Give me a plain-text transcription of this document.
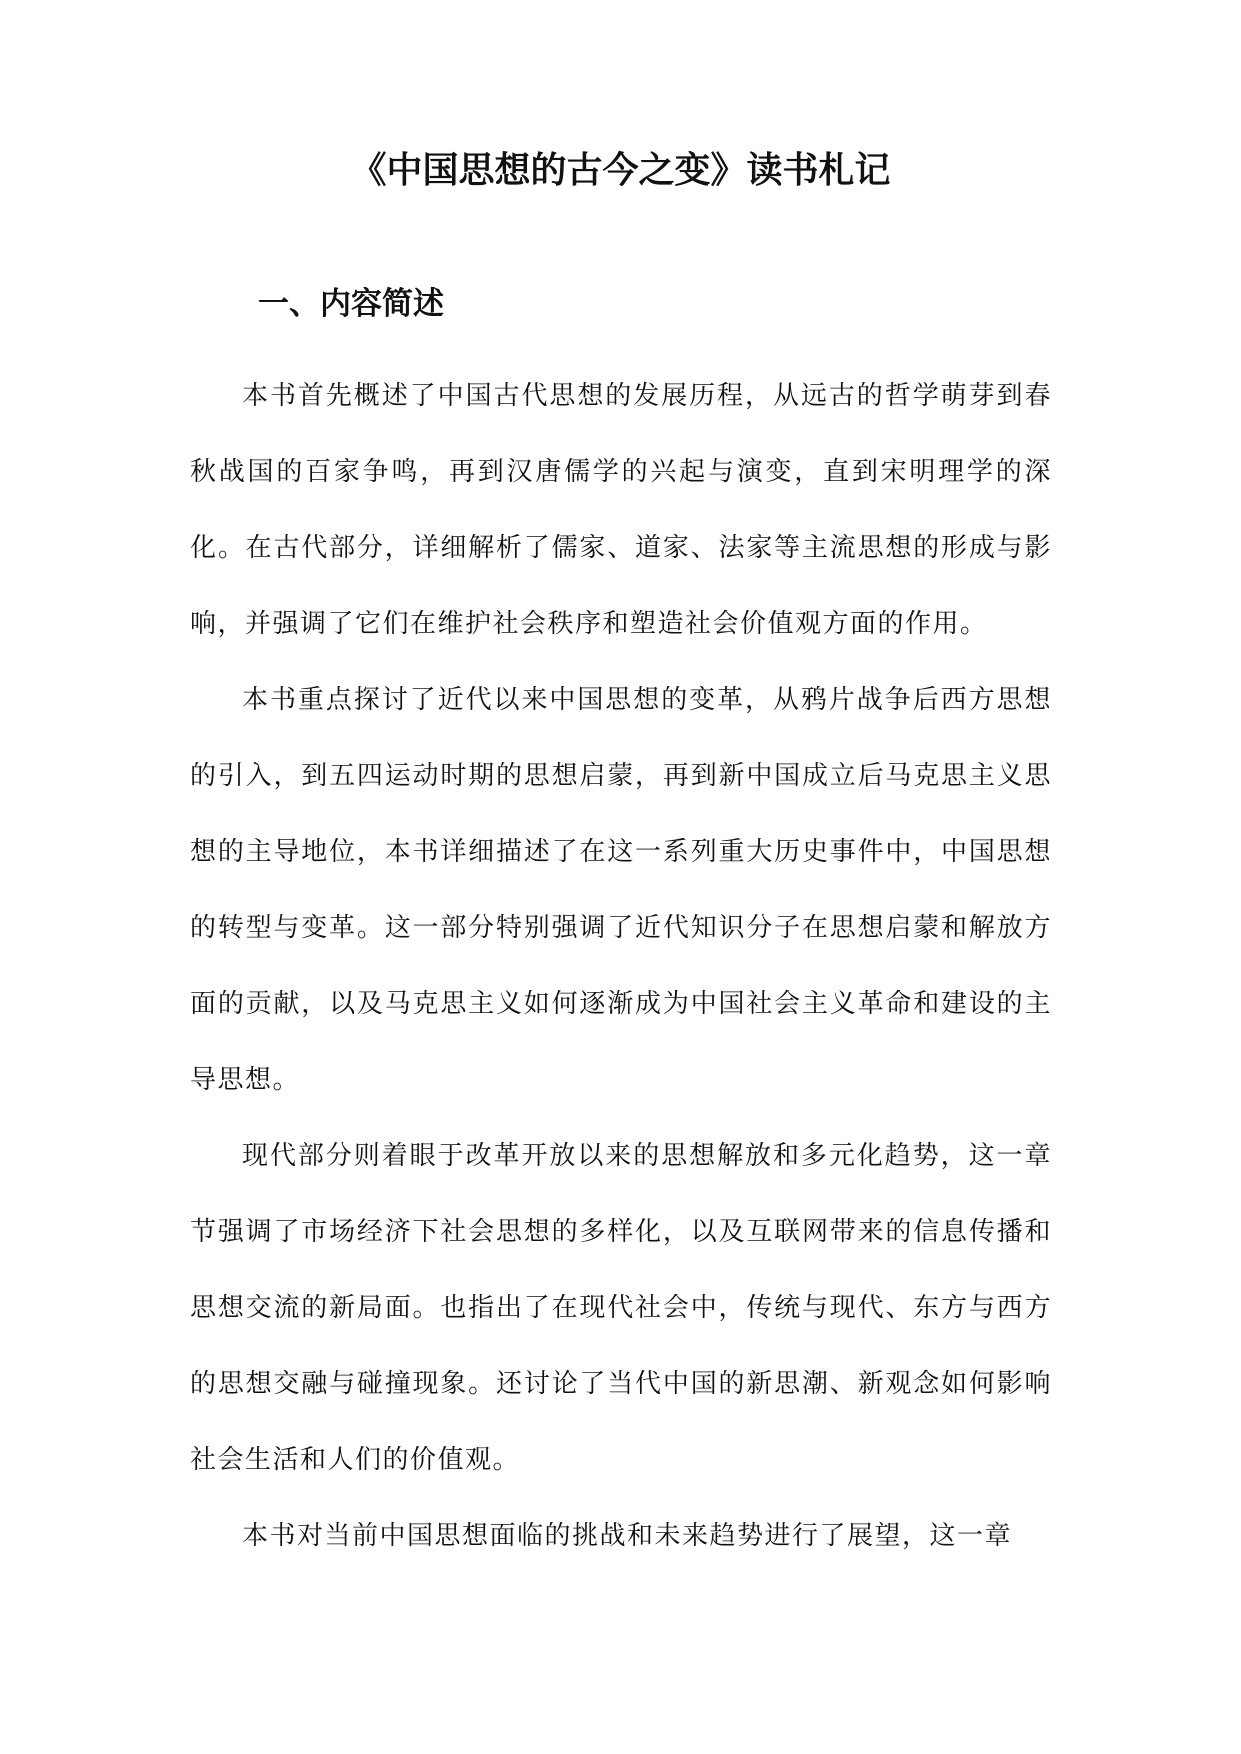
《中国思想的古今之变》读书札记
一、内容简述

本书首先概述了中国古代思想的发展历程，从远古的哲学萌芽到春秋战国的百家争鸣，再到汉唐儒学的兴起与演变，直到宋明理学的深化。在古代部分，详细解析了儒家、道家、法家等主流思想的形成与影响，并强调了它们在维护社会秩序和塑造社会价值观方面的作用。

本书重点探讨了近代以来中国思想的变革，从鸦片战争后西方思想的引入，到五四运动时期的思想启蒙，再到新中国成立后马克思主义思想的主导地位，本书详细描述了在这一系列重大历史事件中，中国思想的转型与变革。这一部分特别强调了近代知识分子在思想启蒙和解放方面的贡献，以及马克思主义如何逐渐成为中国社会主义革命和建设的主导思想。

现代部分则着眼于改革开放以来的思想解放和多元化趋势，这一章节强调了市场经济下社会思想的多样化，以及互联网带来的信息传播和思想交流的新局面。也指出了在现代社会中，传统与现代、东方与西方的思想交融与碰撞现象。还讨论了当代中国的新思潮、新观念如何影响社会生活和人们的价值观。

本书对当前中国思想面临的挑战和未来趋势进行了展望，这一章
